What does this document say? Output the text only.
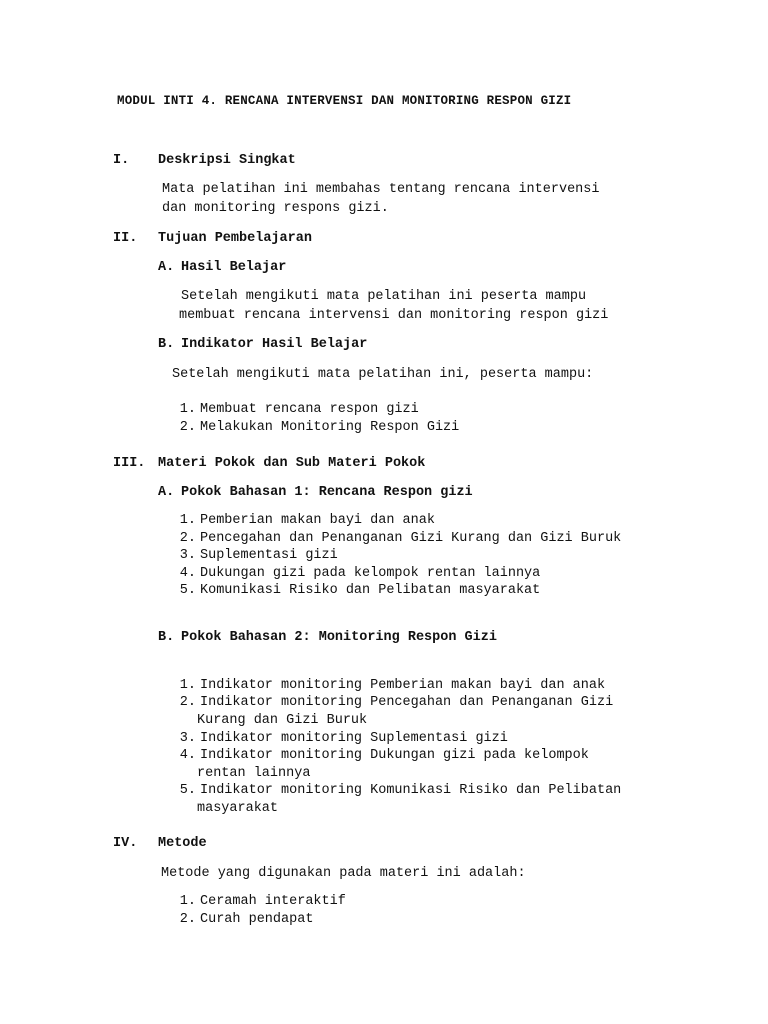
MODUL INTI 4. RENCANA INTERVENSI DAN MONITORING RESPON GIZI
I. Deskripsi Singkat
Mata pelatihan ini membahas tentang rencana intervensi
dan monitoring respons gizi.
II. Tujuan Pembelajaran
A. Hasil Belajar
Setelah mengikuti mata pelatihan ini peserta mampu
membuat rencana intervensi dan monitoring respon gizi
B. Indikator Hasil Belajar
Setelah mengikuti mata pelatihan ini, peserta mampu:
1. Membuat rencana respon gizi
2. Melakukan Monitoring Respon Gizi
III. Materi Pokok dan Sub Materi Pokok
A. Pokok Bahasan 1: Rencana Respon gizi
1. Pemberian makan bayi dan anak
2. Pencegahan dan Penanganan Gizi Kurang dan Gizi Buruk
3. Suplementasi gizi
4. Dukungan gizi pada kelompok rentan lainnya
5. Komunikasi Risiko dan Pelibatan masyarakat
B. Pokok Bahasan 2: Monitoring Respon Gizi
1. Indikator monitoring Pemberian makan bayi dan anak
2. Indikator monitoring Pencegahan dan Penanganan Gizi
Kurang dan Gizi Buruk
3. Indikator monitoring Suplementasi gizi
4. Indikator monitoring Dukungan gizi pada kelompok
rentan lainnya
5. Indikator monitoring Komunikasi Risiko dan Pelibatan
masyarakat
IV. Metode
Metode yang digunakan pada materi ini adalah:
1. Ceramah interaktif
2. Curah pendapat
